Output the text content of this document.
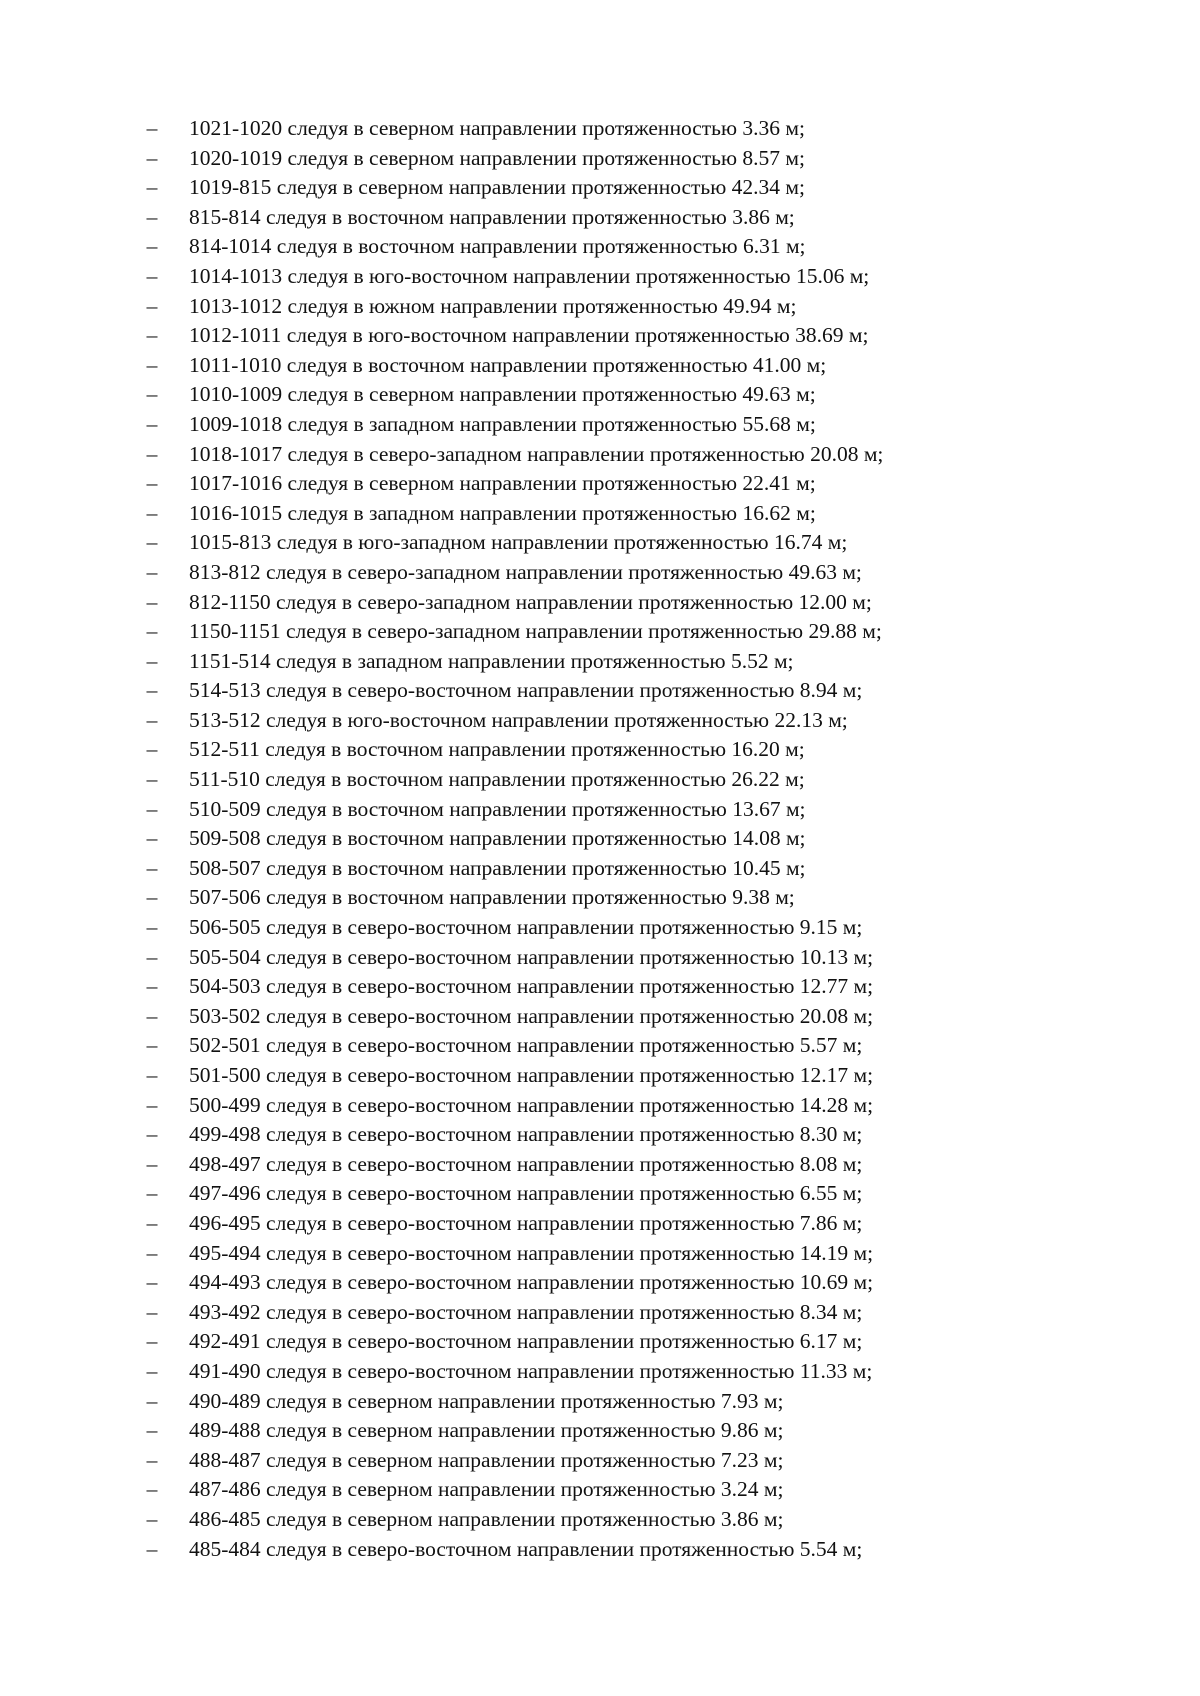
– 1021-1020 следуя в северном направлении протяженностью 3.36 м;
– 1020-1019 следуя в северном направлении протяженностью 8.57 м;
– 1019-815 следуя в северном направлении протяженностью 42.34 м;
– 815-814 следуя в восточном направлении протяженностью 3.86 м;
– 814-1014 следуя в восточном направлении протяженностью 6.31 м;
– 1014-1013 следуя в юго-восточном направлении протяженностью 15.06 м;
– 1013-1012 следуя в южном направлении протяженностью 49.94 м;
– 1012-1011 следуя в юго-восточном направлении протяженностью 38.69 м;
– 1011-1010 следуя в восточном направлении протяженностью 41.00 м;
– 1010-1009 следуя в северном направлении протяженностью 49.63 м;
– 1009-1018 следуя в западном направлении протяженностью 55.68 м;
– 1018-1017 следуя в северо-западном направлении протяженностью 20.08 м;
– 1017-1016 следуя в северном направлении протяженностью 22.41 м;
– 1016-1015 следуя в западном направлении протяженностью 16.62 м;
– 1015-813 следуя в юго-западном направлении протяженностью 16.74 м;
– 813-812 следуя в северо-западном направлении протяженностью 49.63 м;
– 812-1150 следуя в северо-западном направлении протяженностью 12.00 м;
– 1150-1151 следуя в северо-западном направлении протяженностью 29.88 м;
– 1151-514 следуя в западном направлении протяженностью 5.52 м;
– 514-513 следуя в северо-восточном направлении протяженностью 8.94 м;
– 513-512 следуя в юго-восточном направлении протяженностью 22.13 м;
– 512-511 следуя в восточном направлении протяженностью 16.20 м;
– 511-510 следуя в восточном направлении протяженностью 26.22 м;
– 510-509 следуя в восточном направлении протяженностью 13.67 м;
– 509-508 следуя в восточном направлении протяженностью 14.08 м;
– 508-507 следуя в восточном направлении протяженностью 10.45 м;
– 507-506 следуя в восточном направлении протяженностью 9.38 м;
– 506-505 следуя в северо-восточном направлении протяженностью 9.15 м;
– 505-504 следуя в северо-восточном направлении протяженностью 10.13 м;
– 504-503 следуя в северо-восточном направлении протяженностью 12.77 м;
– 503-502 следуя в северо-восточном направлении протяженностью 20.08 м;
– 502-501 следуя в северо-восточном направлении протяженностью 5.57 м;
– 501-500 следуя в северо-восточном направлении протяженностью 12.17 м;
– 500-499 следуя в северо-восточном направлении протяженностью 14.28 м;
– 499-498 следуя в северо-восточном направлении протяженностью 8.30 м;
– 498-497 следуя в северо-восточном направлении протяженностью 8.08 м;
– 497-496 следуя в северо-восточном направлении протяженностью 6.55 м;
– 496-495 следуя в северо-восточном направлении протяженностью 7.86 м;
– 495-494 следуя в северо-восточном направлении протяженностью 14.19 м;
– 494-493 следуя в северо-восточном направлении протяженностью 10.69 м;
– 493-492 следуя в северо-восточном направлении протяженностью 8.34 м;
– 492-491 следуя в северо-восточном направлении протяженностью 6.17 м;
– 491-490 следуя в северо-восточном направлении протяженностью 11.33 м;
– 490-489 следуя в северном направлении протяженностью 7.93 м;
– 489-488 следуя в северном направлении протяженностью 9.86 м;
– 488-487 следуя в северном направлении протяженностью 7.23 м;
– 487-486 следуя в северном направлении протяженностью 3.24 м;
– 486-485 следуя в северном направлении протяженностью 3.86 м;
– 485-484 следуя в северо-восточном направлении протяженностью 5.54 м;
